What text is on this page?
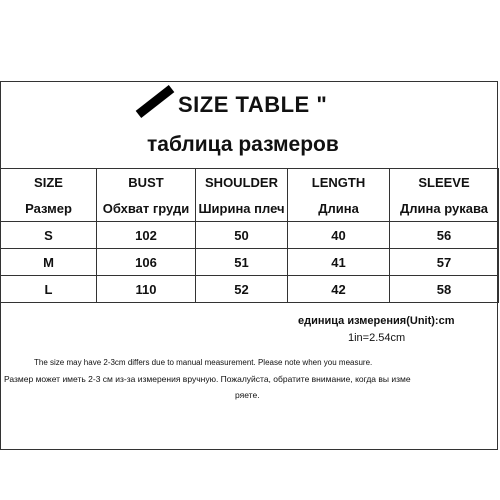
SIZE TABLE "
таблица размеров
SIZE	BUST	SHOULDER	LENGTH	SLEEVE
Размер	Обхват груди	Ширина плеч	Длина	Длина рукава
S	102	50	40	56
M	106	51	41	57
L	110	52	42	58
единица измерения(Unit):cm
1in=2.54cm
The size may have 2-3cm differs due to manual measurement. Please note when you measure.
Размер может иметь 2-3 см из-за измерения вручную. Пожалуйста, обратите внимание, когда вы изме
ряете.
